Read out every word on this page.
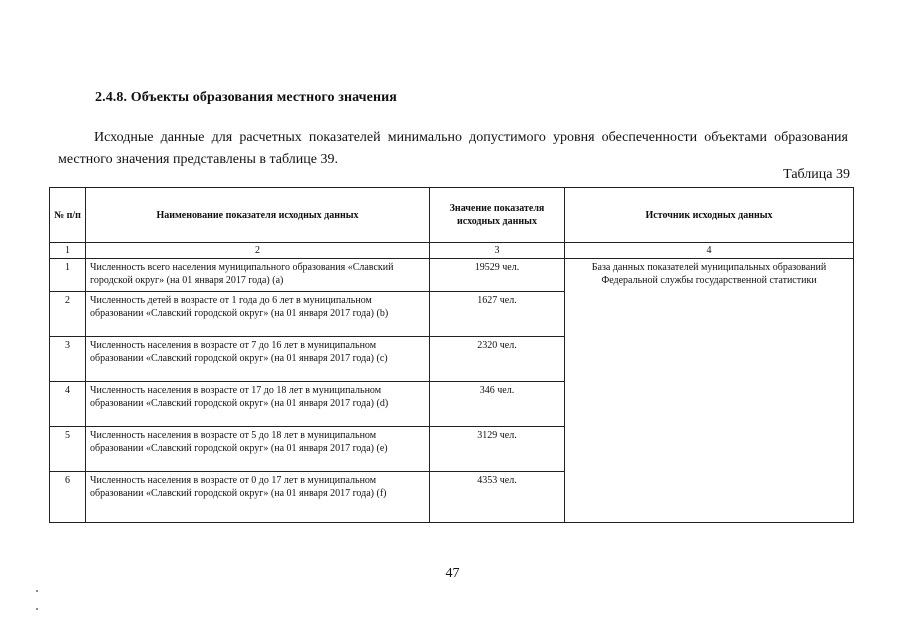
2.4.8. Объекты образования местного значения
Исходные данные для расчетных показателей минимально допустимого уровня обеспеченности объектами образования местного значения представлены в таблице 39.
Таблица 39
№ п/п	Наименование показателя исходных данных	Значение показателя исходных данных	Источник исходных данных
1	2	3	4
1	Численность всего населения муниципального образования «Славский городской округ» (на 01 января 2017 года) (a)	19529 чел.	База данных показателей муниципальных образований Федеральной службы государственной статистики
2	Численность детей в возрасте от 1 года до 6 лет в муниципальном образовании «Славский городской округ» (на 01 января 2017 года) (b)	1627 чел.	
3	Численность населения в возрасте от 7 до 16 лет в муниципальном образовании «Славский городской округ» (на 01 января 2017 года) (c)	2320 чел.	
4	Численность населения в возрасте от 17 до 18 лет в муниципальном образовании «Славский городской округ» (на 01 января 2017 года) (d)	346 чел.	
5	Численность населения в возрасте от 5 до 18 лет в муниципальном образовании «Славский городской округ» (на 01 января 2017 года) (e)	3129 чел.	
6	Численность населения в возрасте от 0 до 17 лет в муниципальном образовании «Славский городской округ» (на 01 января 2017 года) (f)	4353 чел.	
47
